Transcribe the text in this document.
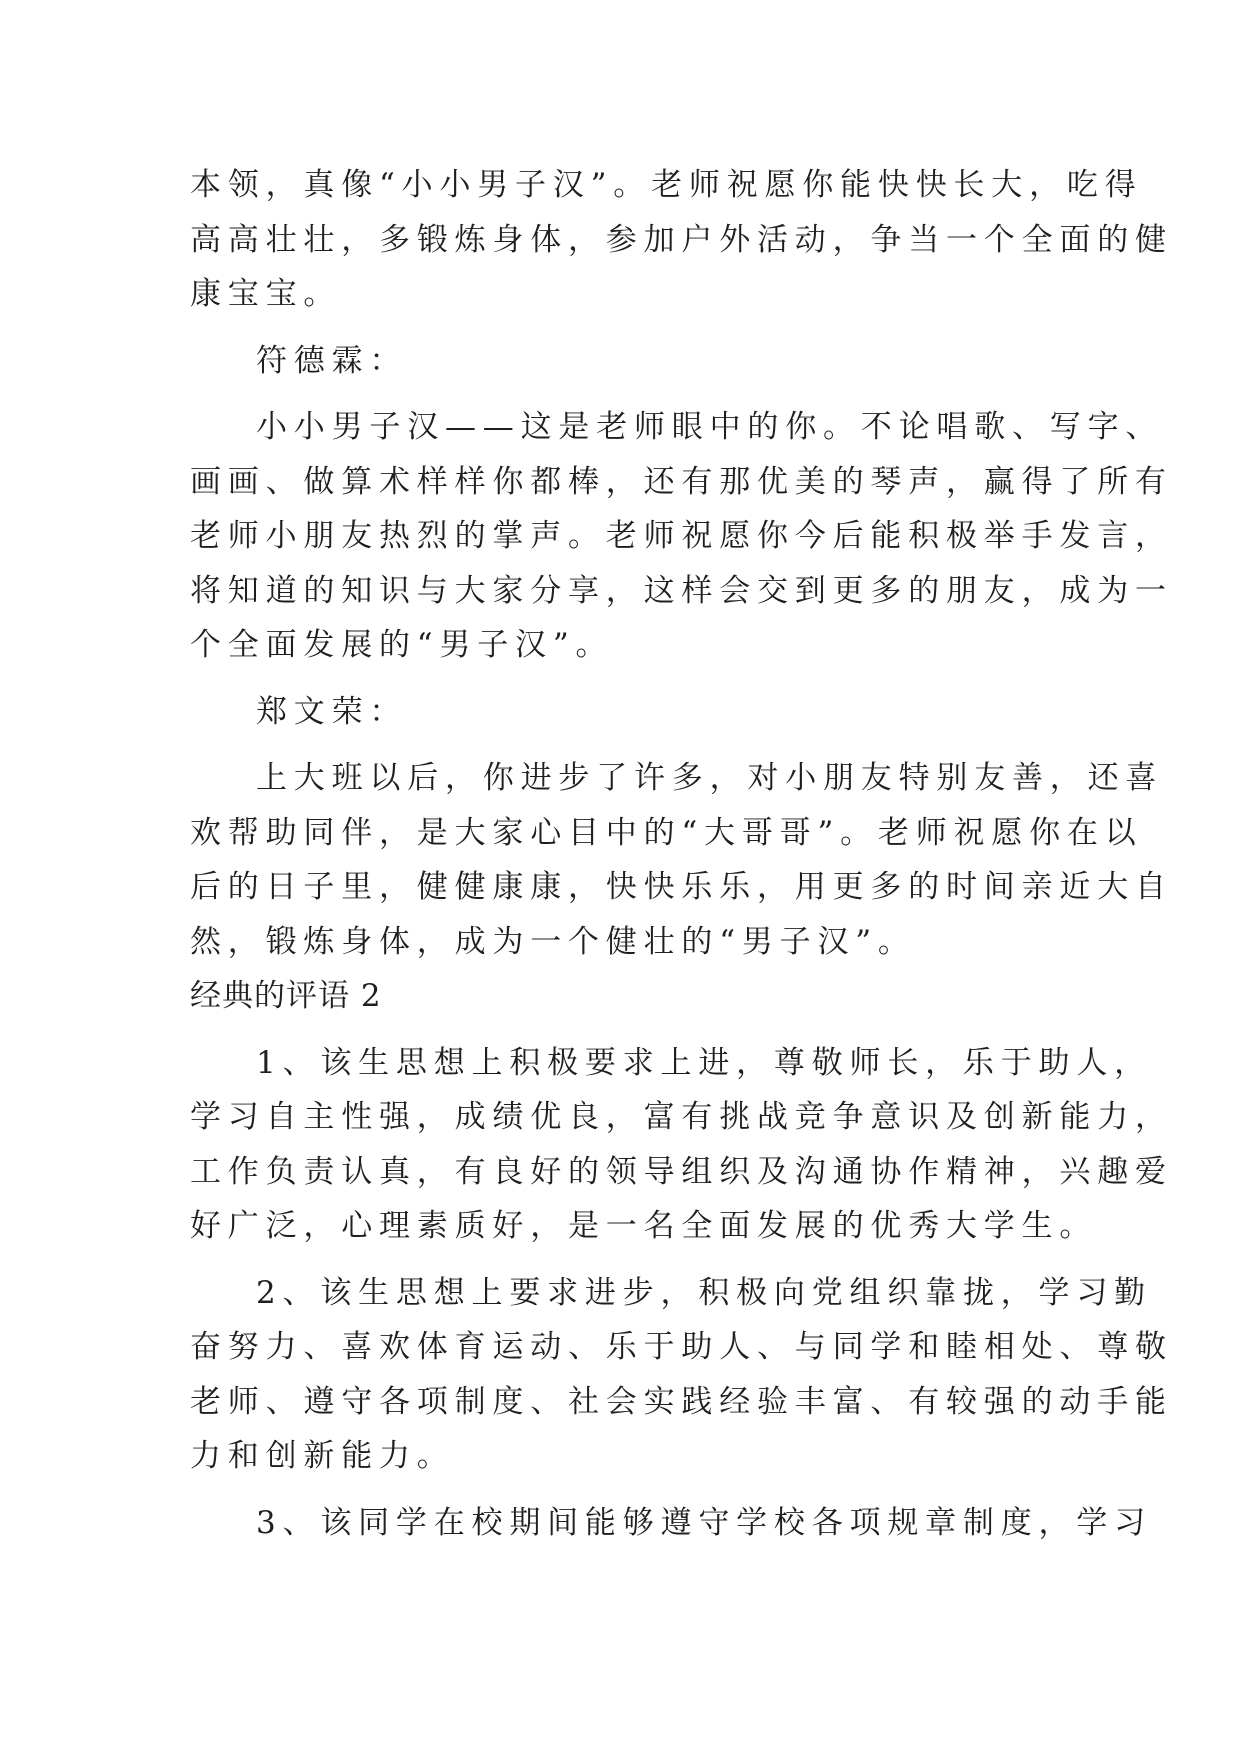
本领，真像“小小男子汉”。老师祝愿你能快快长大，吃得
高高壮壮，多锻炼身体，参加户外活动，争当一个全面的健
康宝宝。
符德霖：
小小男子汉——这是老师眼中的你。不论唱歌、写字、
画画、做算术样样你都棒，还有那优美的琴声，赢得了所有
老师小朋友热烈的掌声。老师祝愿你今后能积极举手发言，
将知道的知识与大家分享，这样会交到更多的朋友，成为一
个全面发展的“男子汉”。
郑文荣：
上大班以后，你进步了许多，对小朋友特别友善，还喜
欢帮助同伴，是大家心目中的“大哥哥”。老师祝愿你在以
后的日子里，健健康康，快快乐乐，用更多的时间亲近大自
然，锻炼身体，成为一个健壮的“男子汉”。
经典的评语 2
1、该生思想上积极要求上进，尊敬师长，乐于助人，
学习自主性强，成绩优良，富有挑战竞争意识及创新能力，
工作负责认真，有良好的领导组织及沟通协作精神，兴趣爱
好广泛，心理素质好，是一名全面发展的优秀大学生。
2、该生思想上要求进步，积极向党组织靠拢，学习勤
奋努力、喜欢体育运动、乐于助人、与同学和睦相处、尊敬
老师、遵守各项制度、社会实践经验丰富、有较强的动手能
力和创新能力。
3、该同学在校期间能够遵守学校各项规章制度，学习
